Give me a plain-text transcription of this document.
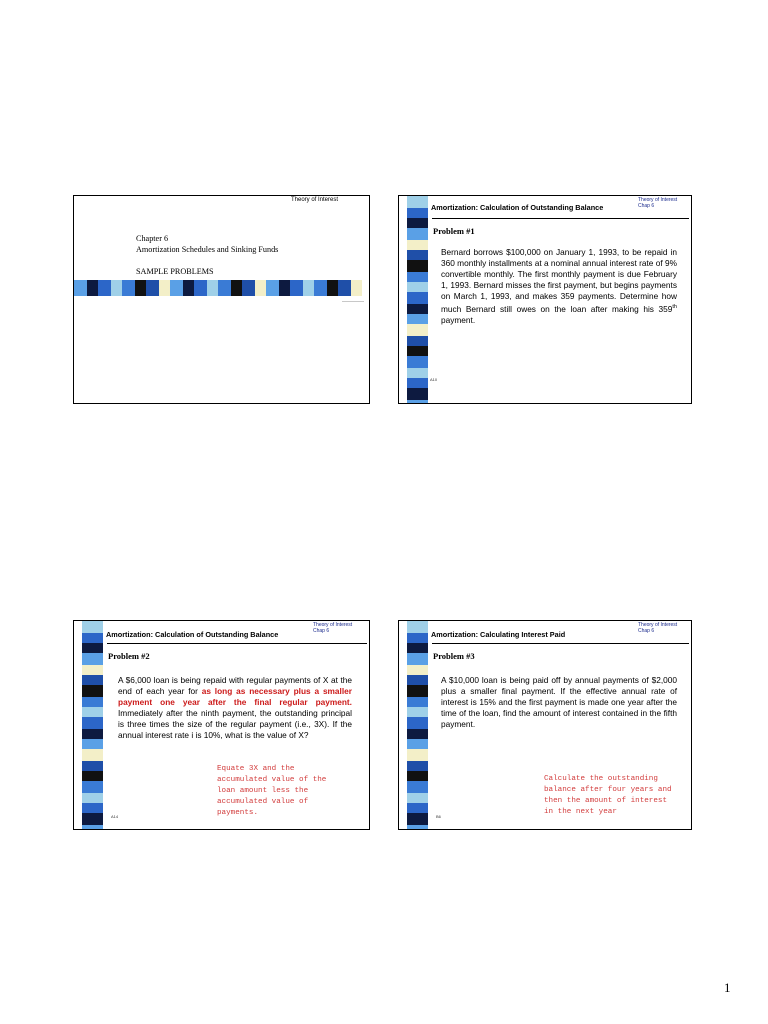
Theory of Interest
Chapter 6
Amortization Schedules and Sinking Funds
SAMPLE PROBLEMS
Theory of Interest
Chap 6
Amortization: Calculation of Outstanding Balance
Problem #1
Bernard borrows $100,000 on January 1, 1993, to be repaid in 360 monthly installments at a nominal annual interest rate of 9% convertible monthly. The first monthly payment is due February 1, 1993. Bernard misses the first payment, but begins payments on March 1, 1993, and makes 359 payments. Determine how much Bernard still owes on the loan after making his 359th payment.
A10
Theory of Interest
Chap 6
Amortization: Calculation of Outstanding Balance
Problem #2
A $6,000 loan is being repaid with regular payments of X at the end of each year for as long as necessary plus a smaller payment one year after the final regular payment. Immediately after the ninth payment, the outstanding principal is three times the size of the regular payment (i.e., 3X). If the annual interest rate i is 10%, what is the value of X?
Equate 3X and the
accumulated value of the
loan amount less the
accumulated value of
payments.
A14
Theory of Interest
Chap 6
Amortization: Calculating Interest Paid
Problem #3
A $10,000 loan is being paid off by annual payments of $2,000 plus a smaller final payment. If the effective annual rate of interest is 15% and the first payment is made one year after the time of the loan, find the amount of interest contained in the fifth payment.
Calculate the outstanding
balance after four years and
then the amount of interest
in the next year
B6
1
